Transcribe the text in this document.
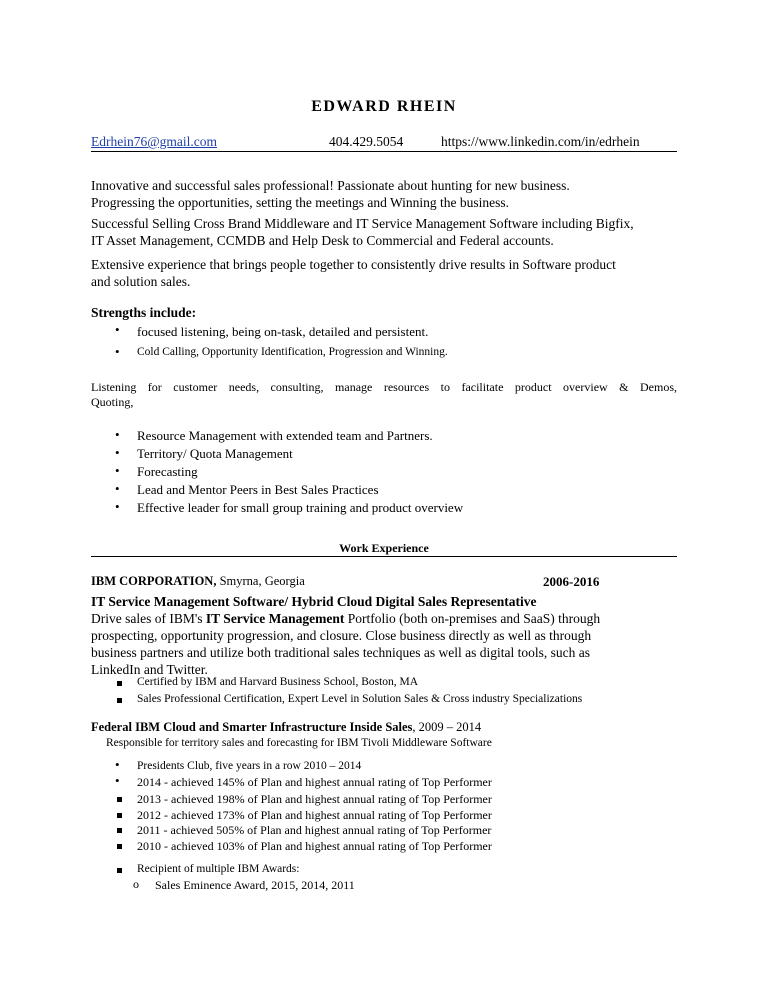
EDWARD RHEIN
Edrhein76@gmail.com	404.429.5054	https://www.linkedin.com/in/edrhein
Innovative and successful sales professional! Passionate about hunting for new business.
Progressing the opportunities, setting the meetings and Winning the business.
Successful Selling Cross Brand Middleware and IT Service Management Software including Bigfix,
IT Asset Management, CCMDB and Help Desk to Commercial and Federal accounts.
Extensive experience that brings people together to consistently drive results in Software product
and solution sales.
Strengths include:
• focused listening, being on-task, detailed and persistent.
• Cold Calling, Opportunity Identification, Progression and Winning.
Listening for customer needs, consulting, manage resources to facilitate product overview & Demos,
Quoting,
• Resource Management with extended team and Partners.
• Territory/ Quota Management
• Forecasting
• Lead and Mentor Peers in Best Sales Practices
• Effective leader for small group training and product overview
Work Experience
IBM CORPORATION, Smyrna, Georgia	2006-2016
IT Service Management Software/ Hybrid Cloud Digital Sales Representative
Drive sales of IBM's IT Service Management Portfolio (both on-premises and SaaS) through
prospecting, opportunity progression, and closure. Close business directly as well as through
business partners and utilize both traditional sales techniques as well as digital tools, such as
LinkedIn and Twitter.
Certified by IBM and Harvard Business School, Boston, MA
Sales Professional Certification, Expert Level in Solution Sales & Cross industry Specializations
Federal IBM Cloud and Smarter Infrastructure Inside Sales, 2009 – 2014
Responsible for territory sales and forecasting for IBM Tivoli Middleware Software
• Presidents Club, five years in a row 2010 – 2014
• 2014 - achieved 145% of Plan and highest annual rating of Top Performer
2013 - achieved 198% of Plan and highest annual rating of Top Performer
2012 - achieved 173% of Plan and highest annual rating of Top Performer
2011 - achieved 505% of Plan and highest annual rating of Top Performer
2010 - achieved 103% of Plan and highest annual rating of Top Performer
Recipient of multiple IBM Awards:
o Sales Eminence Award, 2015, 2014, 2011
